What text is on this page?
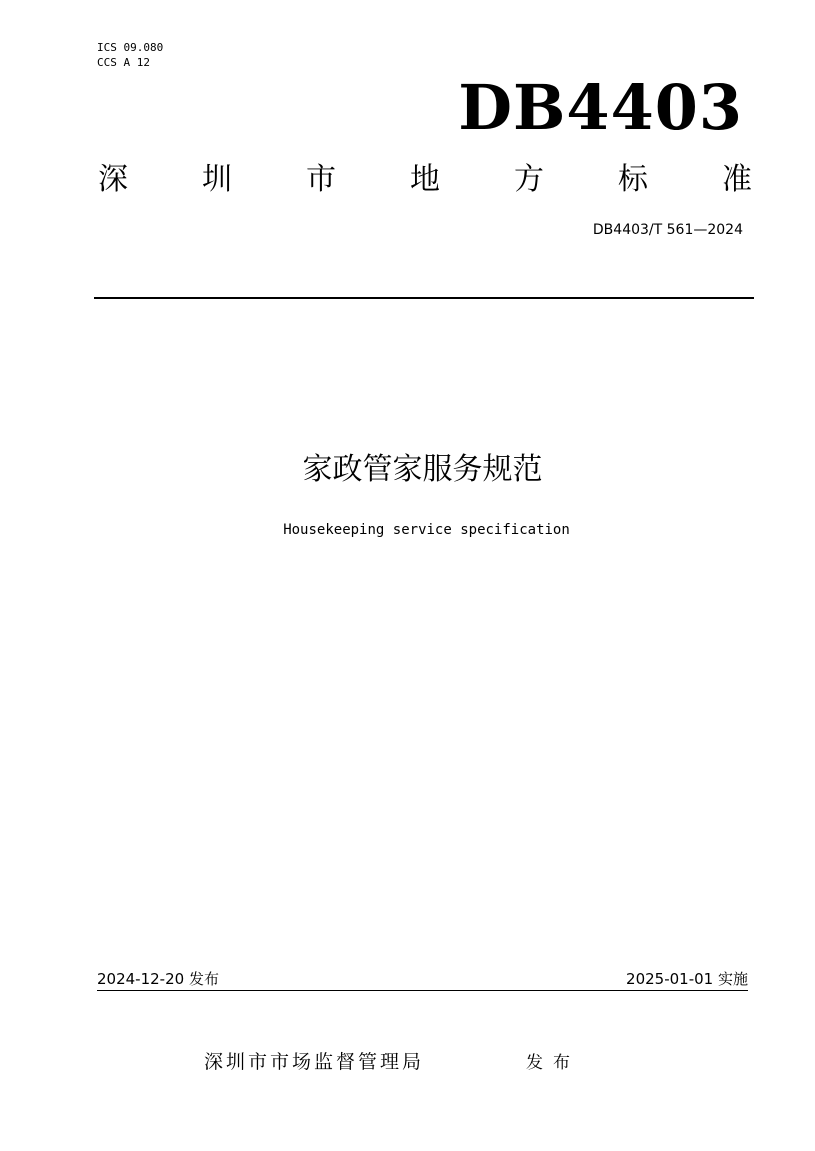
ICS 09.080
CCS A 12
DB4403
深 圳 市 地 方 标 准
DB4403/T 561—2024
家政管家服务规范
Housekeeping service specification
2024-12-20 发布	2025-01-01 实施
深圳市市场监督管理局	发布
